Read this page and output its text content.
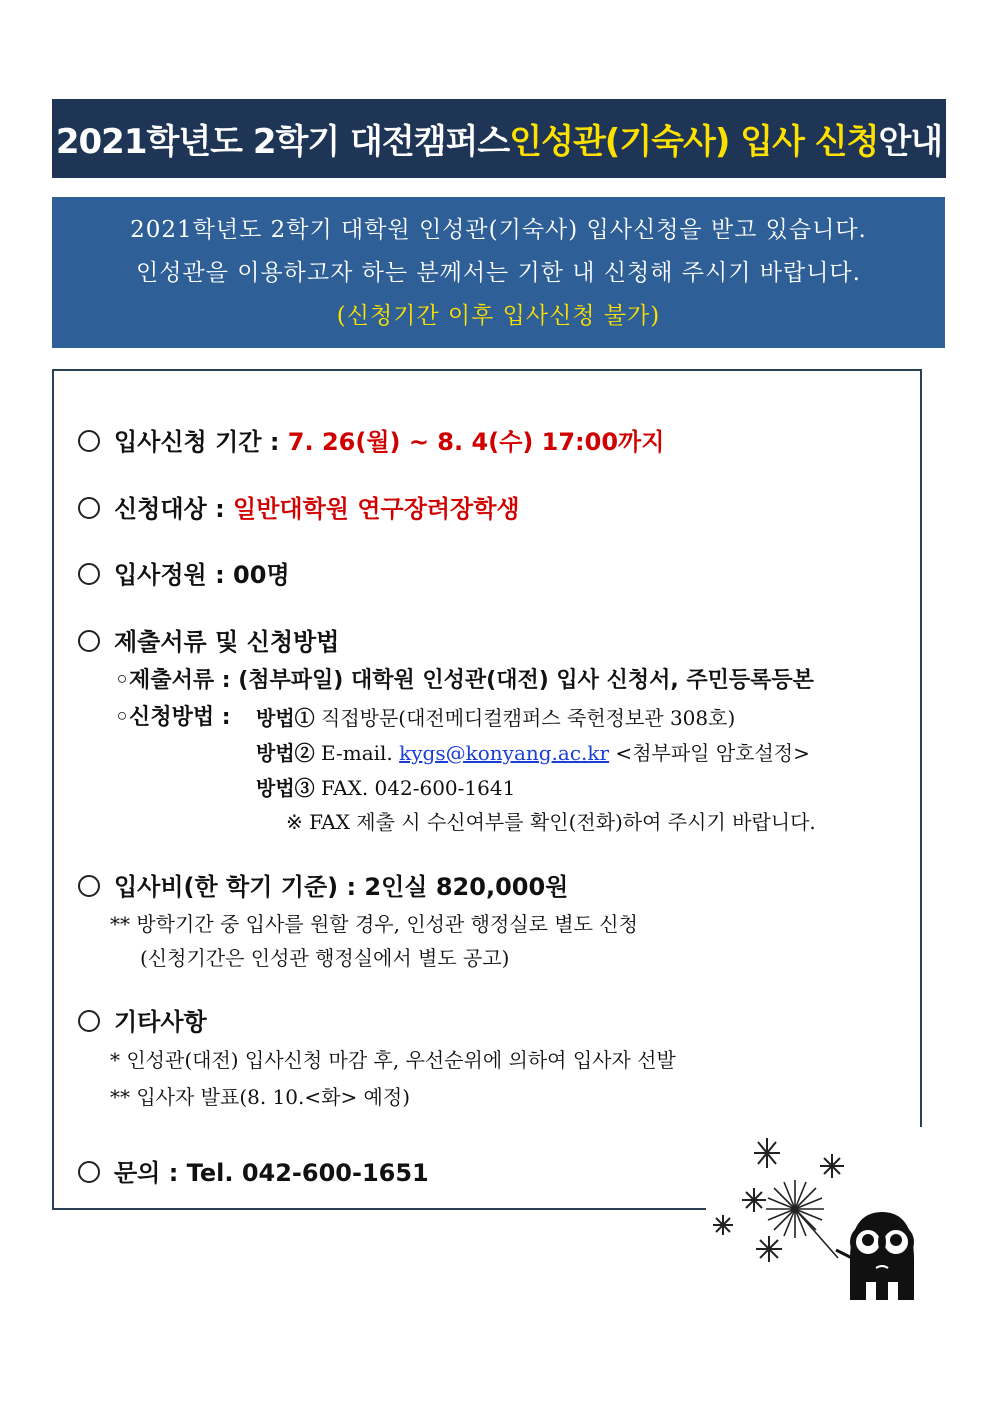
2021학년도 2학기 대전캠퍼스 인성관(기숙사) 입사 신청 안내
2021학년도 2학기 대학원 인성관(기숙사) 입사신청을 받고 있습니다.
인성관을 이용하고자 하는 분께서는 기한 내 신청해 주시기 바랍니다.
(신청기간 이후 입사신청 불가)
입사신청 기간 : 7. 26(월) ~ 8. 4(수) 17:00까지
신청대상 : 일반대학원 연구장려장학생
입사정원 : 00명
제출서류 및 신청방법
◦제출서류 : (첨부파일) 대학원 인성관(대전) 입사 신청서, 주민등록등본
◦신청방법 : 방법① 직접방문(대전메디컬캠퍼스 죽헌정보관 308호)
방법② E-mail. kygs@konyang.ac.kr <첨부파일 암호설정>
방법③ FAX. 042-600-1641
※ FAX 제출 시 수신여부를 확인(전화)하여 주시기 바랍니다.
입사비(한 학기 기준) : 2인실 820,000원
** 방학기간 중 입사를 원할 경우, 인성관 행정실로 별도 신청
(신청기간은 인성관 행정실에서 별도 공고)
기타사항
* 인성관(대전) 입사신청 마감 후, 우선순위에 의하여 입사자 선발
** 입사자 발표(8. 10.<화> 예정)
문의 : Tel. 042-600-1651
